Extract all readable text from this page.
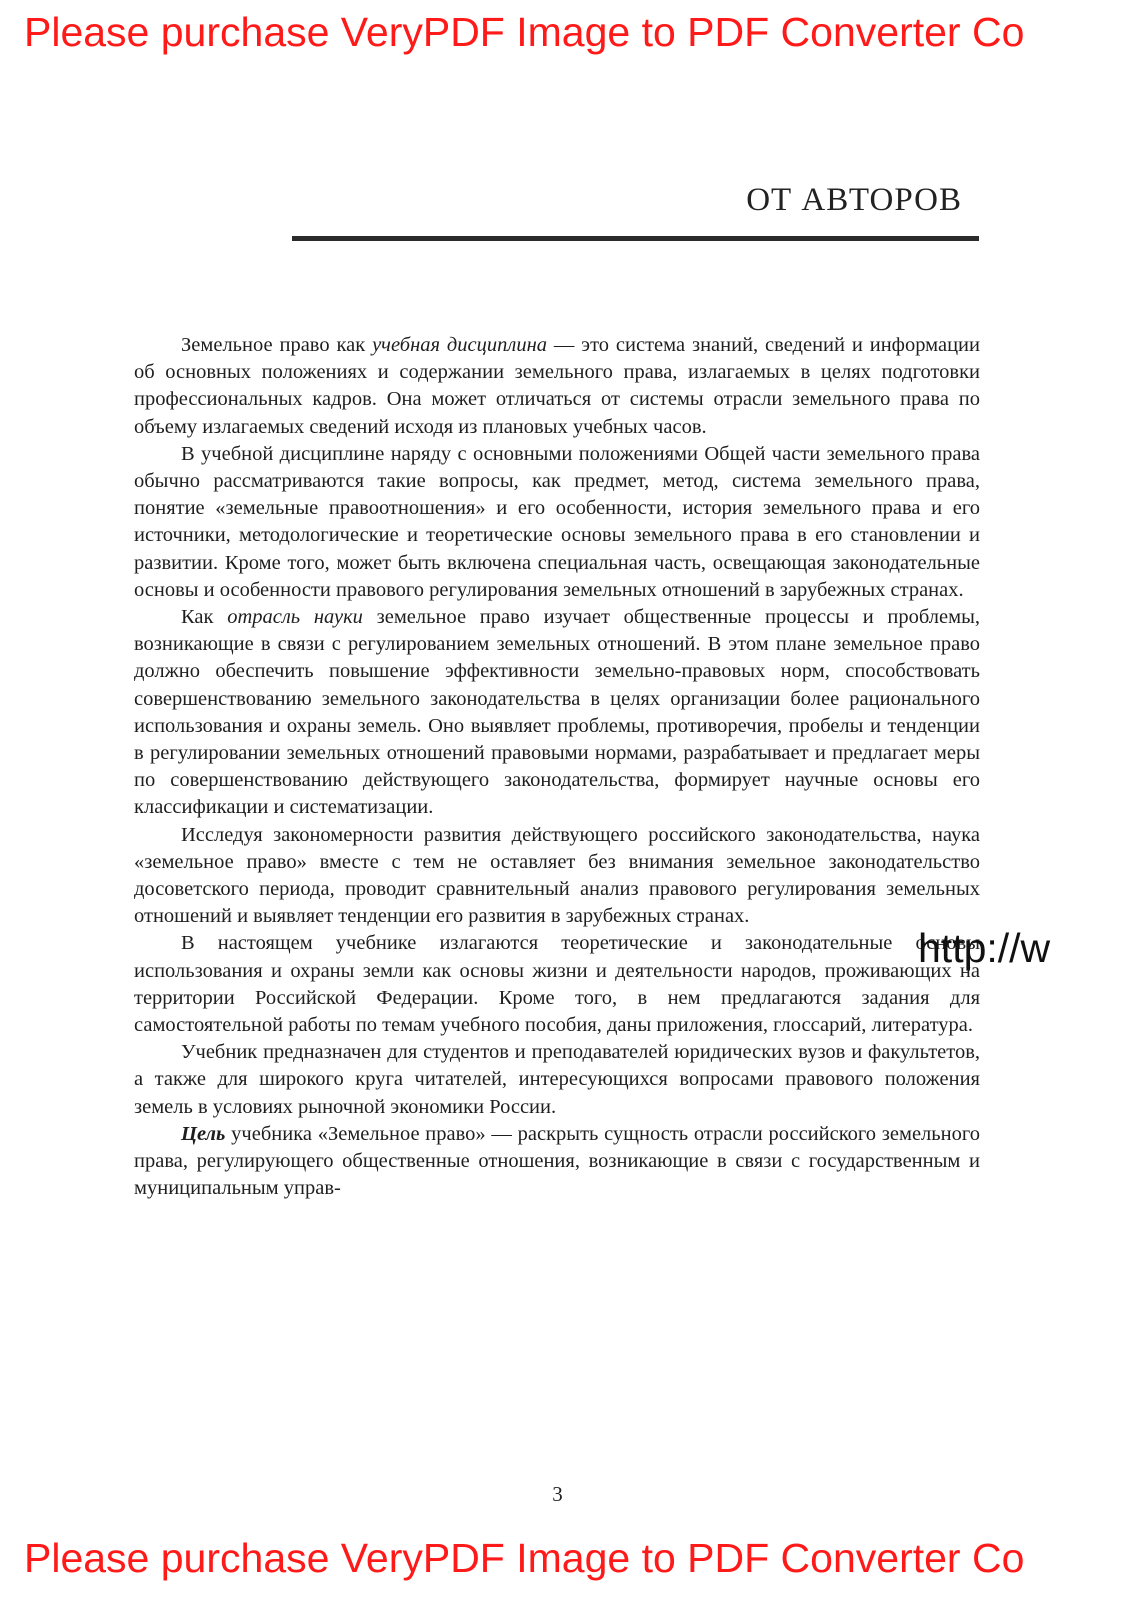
Please purchase VeryPDF Image to PDF Converter Co
ОТ АВТОРОВ

Земельное право как учебная дисциплина — это система знаний, сведений и информации об основных положениях и содержании земельного права, излагаемых в целях подготовки профессиональных кадров. Она может отличаться от системы отрасли земельного права по объему излагаемых сведений исходя из плановых учебных часов.

В учебной дисциплине наряду с основными положениями Общей части земельного права обычно рассматриваются такие вопросы, как предмет, метод, система земельного права, понятие «земельные правоотношения» и его особенности, история земельного права и его источники, методологические и теоретические основы земельного права в его становлении и развитии. Кроме того, может быть включена специальная часть, освещающая законодательные основы и особенности правового регулирования земельных отношений в зарубежных странах.

Как отрасль науки земельное право изучает общественные процессы и проблемы, возникающие в связи с регулированием земельных отношений. В этом плане земельное право должно обеспечить повышение эффективности земельно-правовых норм, способствовать совершенствованию земельного законодательства в целях организации более рационального использования и охраны земель. Оно выявляет проблемы, противоречия, пробелы и тенденции в регулировании земельных отношений правовыми нормами, разрабатывает и предлагает меры по совершенствованию действующего законодательства, формирует научные основы его классификации и систематизации.

Исследуя закономерности развития действующего российского законодательства, наука «земельное право» вместе с тем не оставляет без внимания земельное законодательство досоветского периода, проводит сравнительный анализ правового регулирования земельных отношений и выявляет тенденции его развития в зарубежных странах.

В настоящем учебнике излагаются теоретические и законодательные основы использования и охраны земли как основы жизни и деятельности народов, проживающих на территории Российской Федерации. Кроме того, в нем предлагаются задания для самостоятельной работы по темам учебного пособия, даны приложения, глоссарий, литература.

Учебник предназначен для студентов и преподавателей юридических вузов и факультетов, а также для широкого круга читателей, интересующихся вопросами правового положения земель в условиях рыночной экономики России.

Цель учебника «Земельное право» — раскрыть сущность отрасли российского земельного права, регулирующего общественные отношения, возникающие в связи с государственным и муниципальным управ-

http://w
3
Please purchase VeryPDF Image to PDF Converter Co
